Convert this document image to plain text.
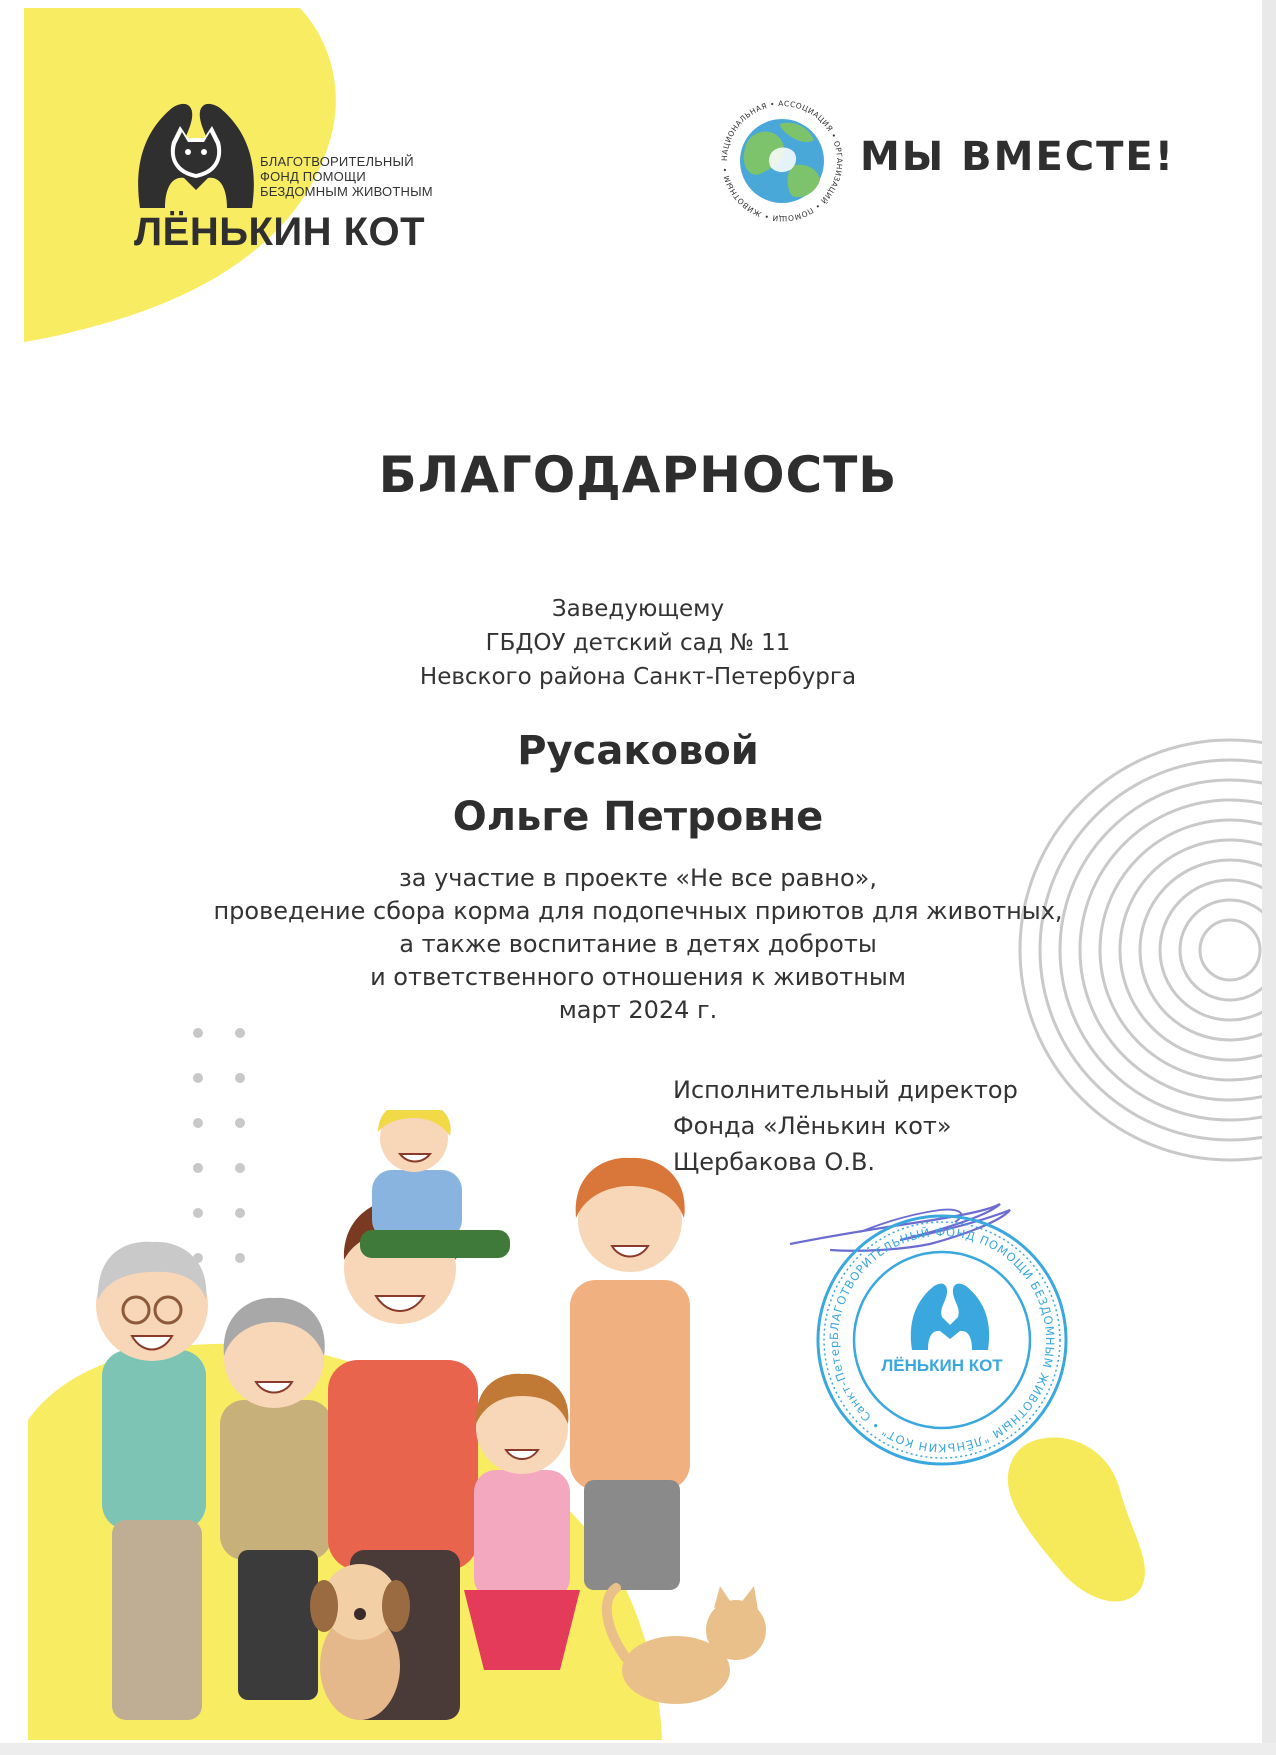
БЛАГОТВОРИТЕЛЬНЫЙ
ФОНД ПОМОЩИ
БЕЗДОМНЫМ ЖИВОТНЫМ
ЛЁНЬКИН КОТ
НАЦИОНАЛЬНАЯ • АССОЦИАЦИЯ • ОРГАНИЗАЦИЙ • ПОМОЩИ • ЖИВОТНЫМ •	МЫ ВМЕСТЕ!
БЛАГОДАРНОСТЬ
Заведующему
ГБДОУ детский сад № 11
Невского района Санкт-Петербурга
Русаковой
Ольге Петровне
за участие в проекте «Не все равно»,
проведение сбора корма для подопечных приютов для животных,
а также воспитание в детях доброты
и ответственного отношения к животным
март 2024 г.
Исполнительный директор
Фонда «Лёнькин кот»
Щербакова О.В.
БЛАГОТВОРИТЕЛЬНЫЙ ФОНД ПОМОЩИ БЕЗДОМНЫМ ЖИВОТНЫМ "ЛЁНЬКИН КОТ" • Санкт-Петер
ЛЁНЬКИН КОТ
